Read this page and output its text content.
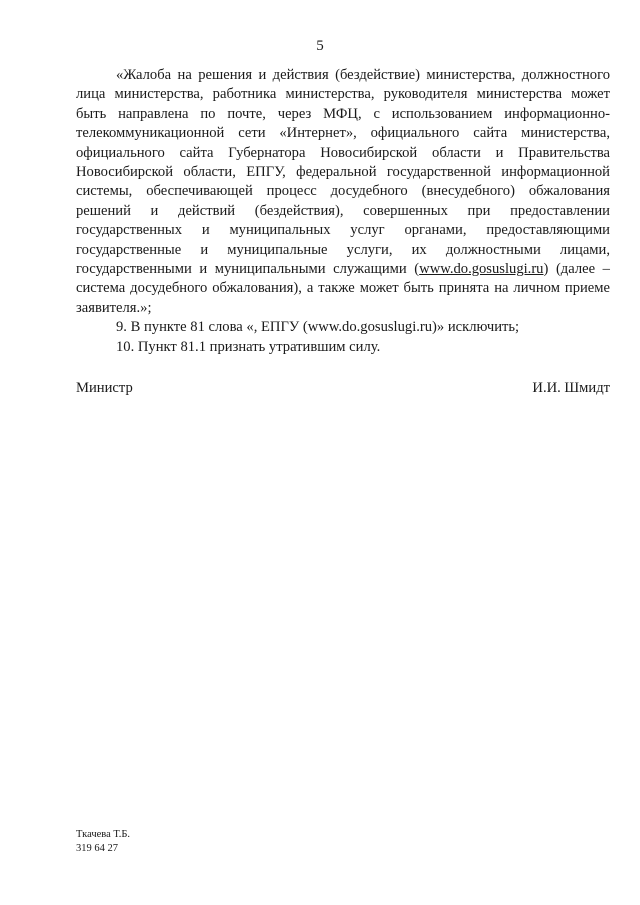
5

«Жалоба на решения и действия (бездействие) министерства, должностного лица министерства, работника министерства, руководителя министерства может быть направлена по почте, через МФЦ, с использованием информационно-телекоммуникационной сети «Интернет», официального сайта министерства, официального сайта Губернатора Новосибирской области и Правительства Новосибирской области, ЕПГУ, федеральной государственной информационной системы, обеспечивающей процесс досудебного (внесудебного) обжалования решений и действий (бездействия), совершенных при предоставлении государственных и муниципальных услуг органами, предоставляющими государственные и муниципальные услуги, их должностными лицами, государственными и муниципальными служащими (www.do.gosuslugi.ru) (далее – система досудебного обжалования), а также может быть принята на личном приеме заявителя.»;

9. В пункте 81 слова «, ЕПГУ (www.do.gosuslugi.ru)» исключить;

10. Пункт 81.1 признать утратившим силу.

Министр	И.И. Шмидт
Ткачева Т.Б.
319 64 27
